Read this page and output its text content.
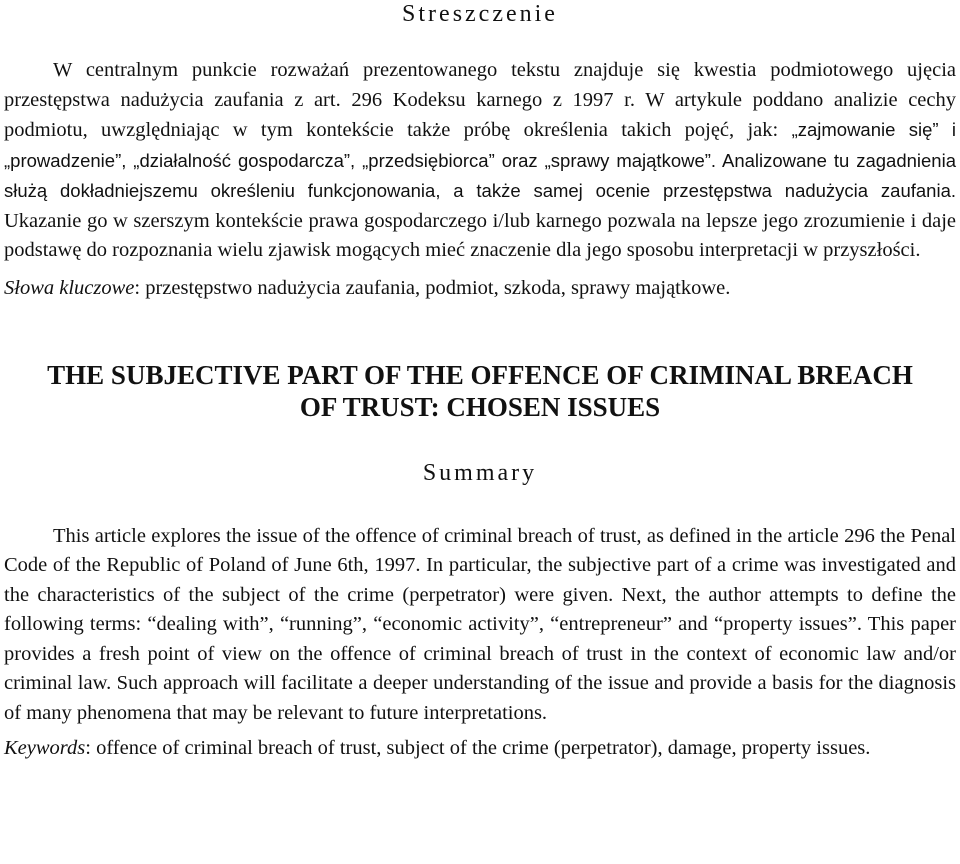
Streszczenie

W centralnym punkcie rozważań prezentowanego tekstu znajduje się kwestia podmiotowego ujęcia przestępstwa nadużycia zaufania z art. 296 Kodeksu karnego z 1997 r. W artykule poddano analizie cechy podmiotu, uwzględniając w tym kontekście także próbę określenia takich pojęć, jak: „zajmowanie się” i „prowadzenie”, „działalność gospodarcza”, „przedsiębiorca” oraz „sprawy majątkowe”. Analizowane tu zagadnienia służą dokładniejszemu określeniu funkcjonowania, a także samej ocenie przestępstwa nadużycia zaufania. Ukazanie go w szerszym kontekście prawa gospodarczego i/lub karnego pozwala na lepsze jego zrozumienie i daje podstawę do rozpoznania wielu zjawisk mogących mieć znaczenie dla jego sposobu interpretacji w przyszłości.

Słowa kluczowe: przestępstwo nadużycia zaufania, podmiot, szkoda, sprawy majątkowe.

THE SUBJECTIVE PART OF THE OFFENCE OF CRIMINAL BREACH
OF TRUST: CHOSEN ISSUES
Summary

This article explores the issue of the offence of criminal breach of trust, as defined in the article 296 the Penal Code of the Republic of Poland of June 6th, 1997. In particular, the subjective part of a crime was investigated and the characteristics of the subject of the crime (perpetrator) were given. Next, the author attempts to define the following terms: “dealing with”, “running”, “economic activity”, “entrepreneur” and “property issues”. This paper provides a fresh point of view on the offence of criminal breach of trust in the context of economic law and/or criminal law. Such approach will facilitate a deeper understanding of the issue and provide a basis for the diagnosis of many phenomena that may be relevant to future interpretations.

Keywords: offence of criminal breach of trust, subject of the crime (perpetrator), damage, property issues.
